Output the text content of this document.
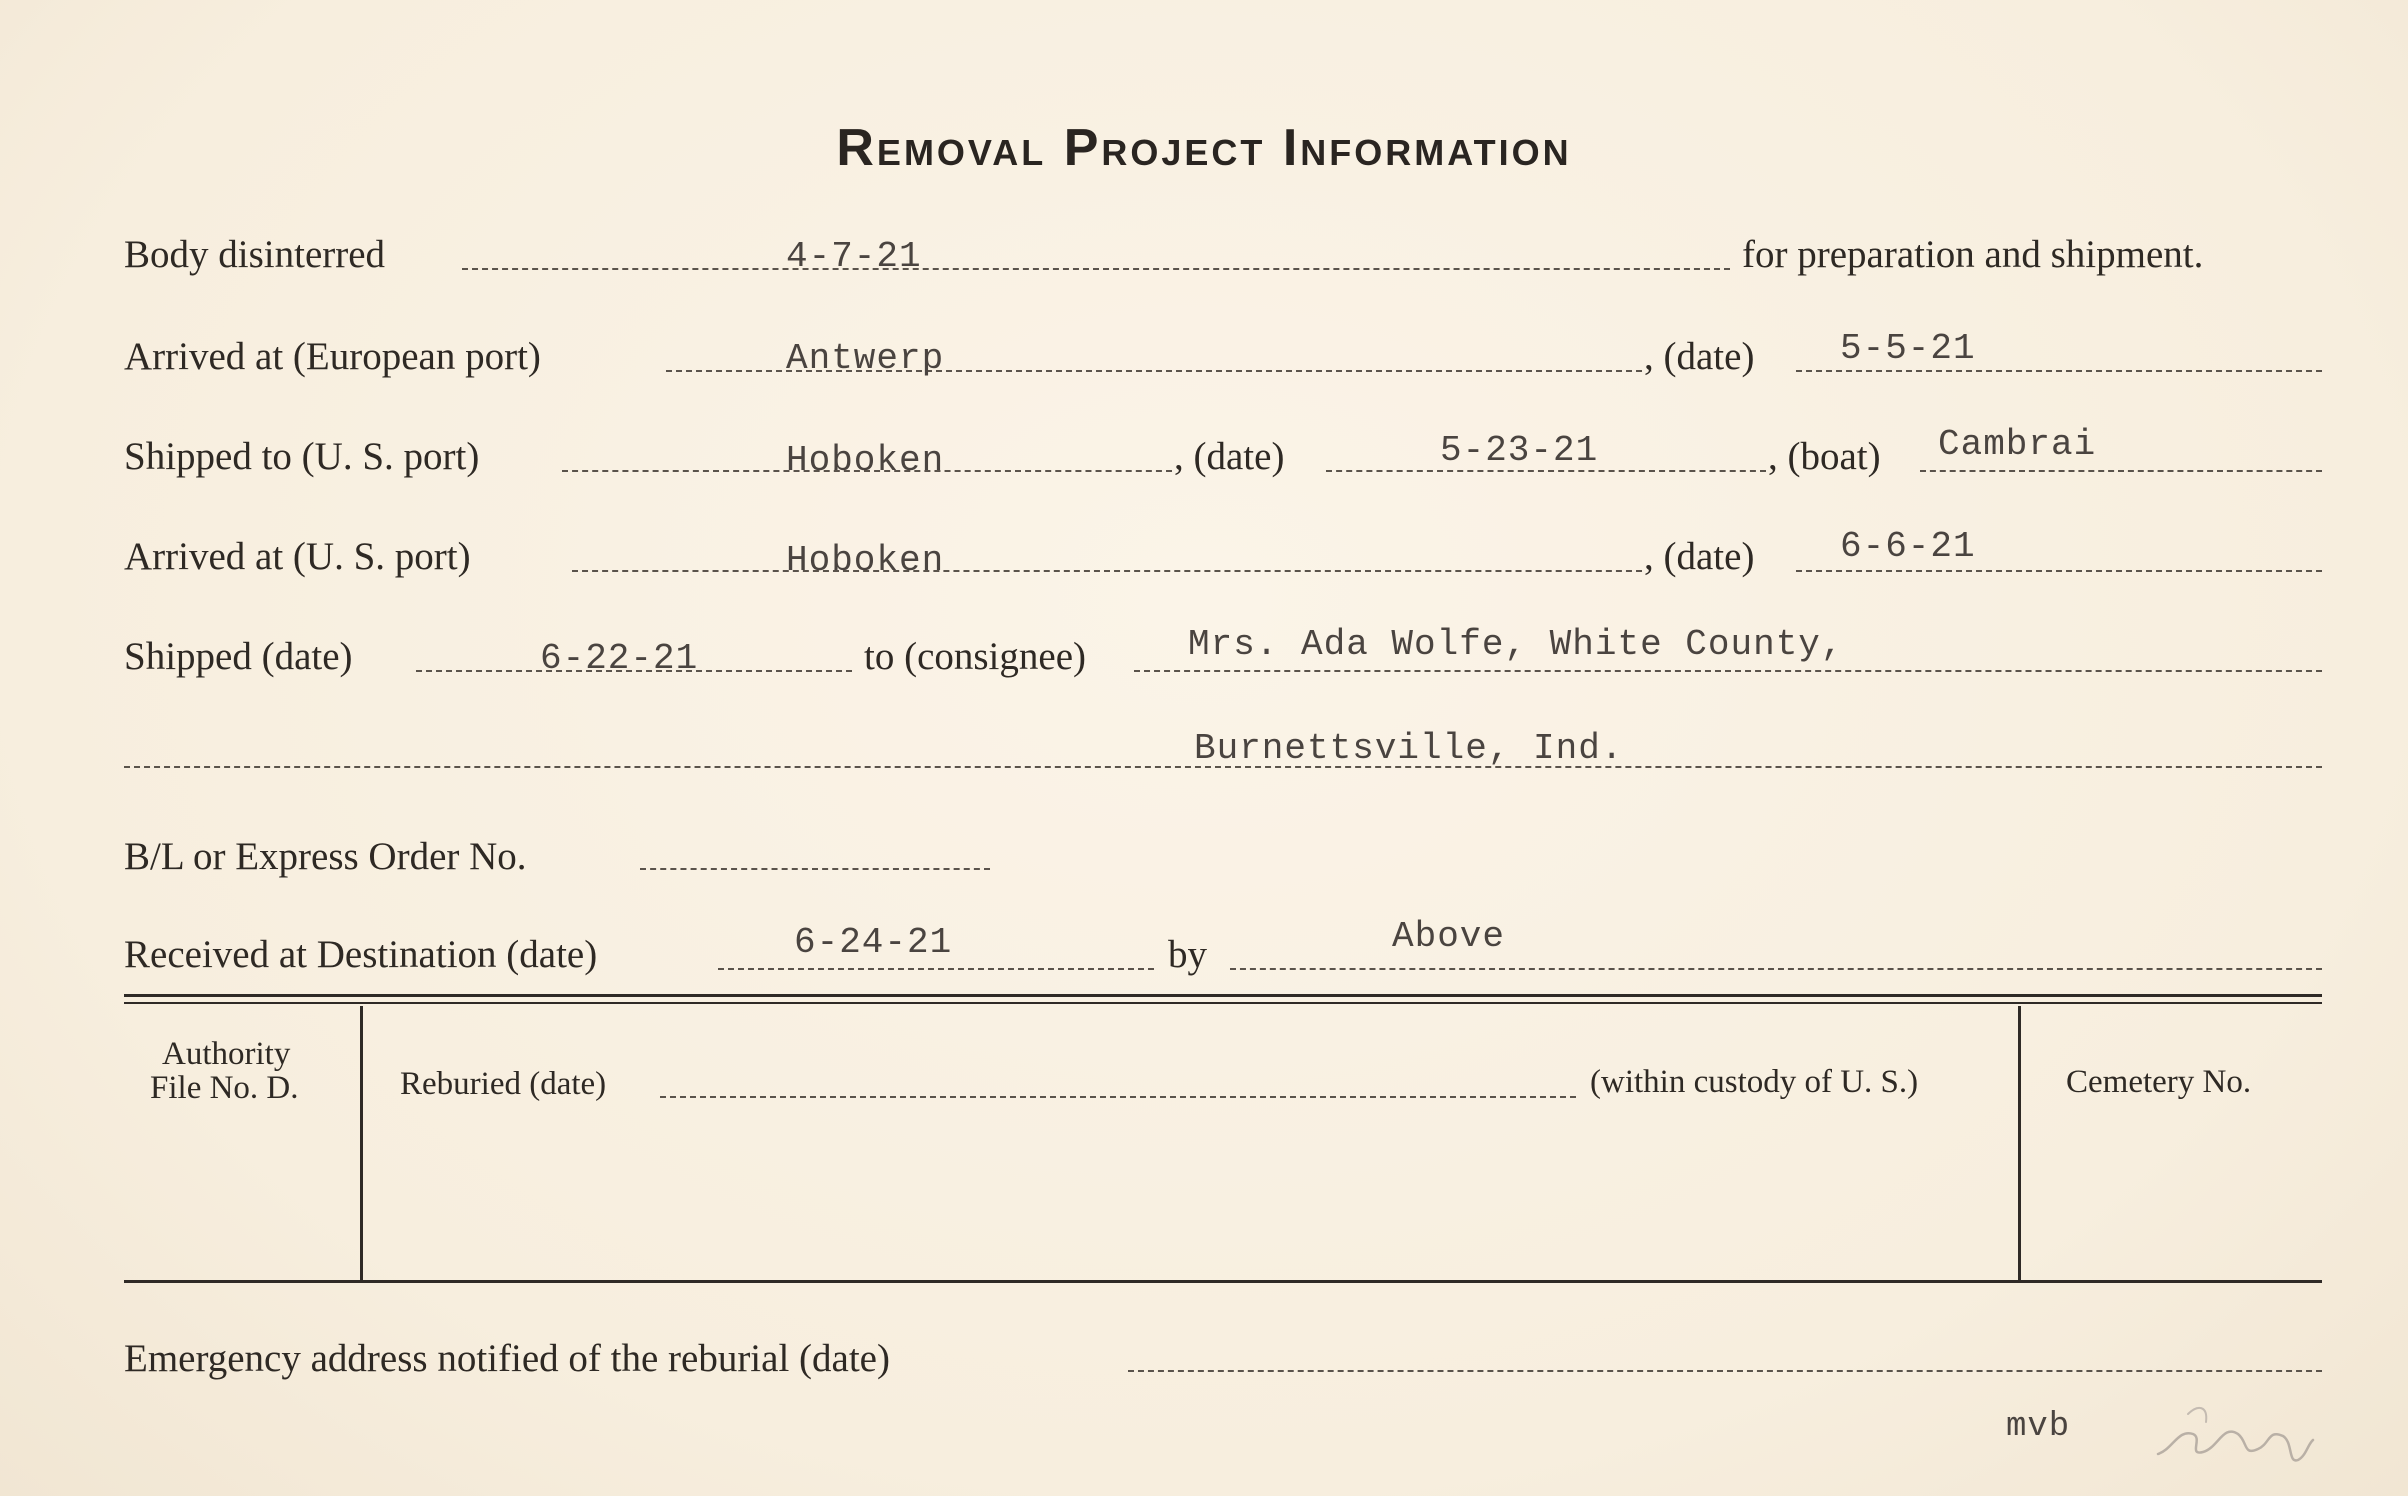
Removal Project Information
Body disinterred	4-7-21	for preparation and shipment.
Arrived at (European port)	Antwerp	, (date) 5-5-21
Shipped to (U. S. port)	Hoboken	, (date)	5-23-21	, (boat) Cambrai
Arrived at (U. S. port)	Hoboken	, (date) 6-6-21
Shipped (date)	6-22-21	to (consignee)	Mrs. Ada Wolfe, White County,
Burnettsville, Ind.
B/L or Express Order No.
Received at Destination (date)	6-24-21	by	Above
Authority
File No. D.	Reburied (date)	(within custody of U. S.)	Cemetery No.
Emergency address notified of the reburial (date)
mvb
